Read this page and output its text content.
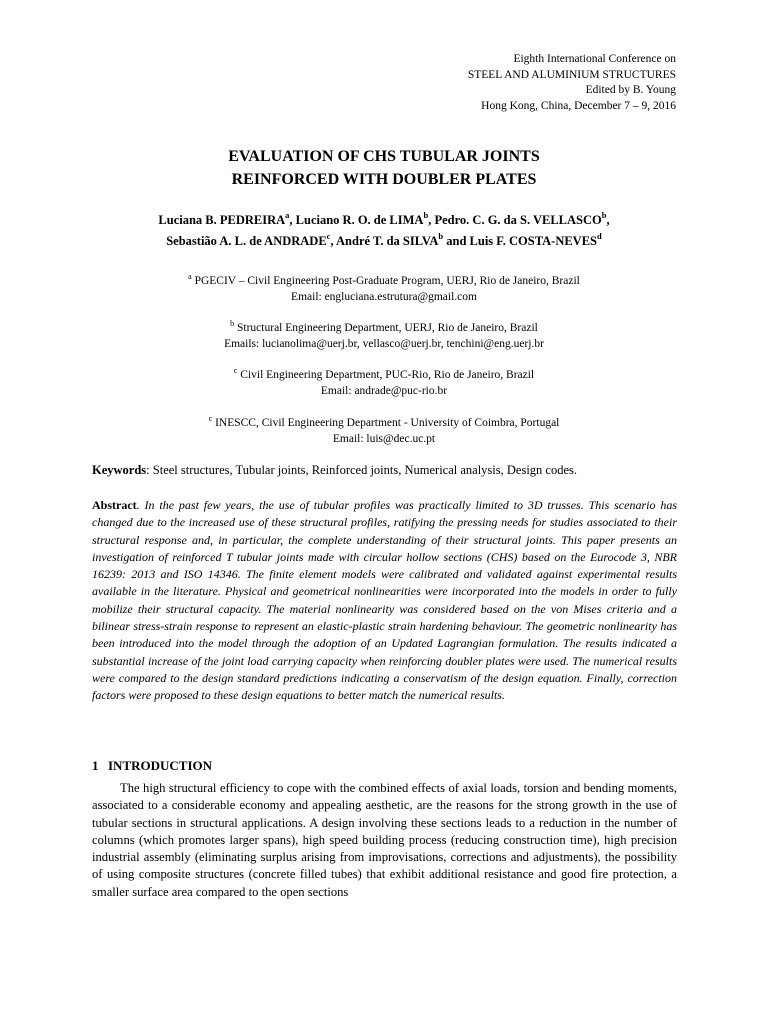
Eighth International Conference on
STEEL AND ALUMINIUM STRUCTURES
Edited by B. Young
Hong Kong, China, December 7 – 9, 2016
EVALUATION OF CHS TUBULAR JOINTS
REINFORCED WITH DOUBLER PLATES
Luciana B. PEDREIRA$^a$, Luciano R. O. de LIMA$^b$, Pedro. C. G. da S. VELLASCO$^b$,
Sebastião A. L. de ANDRADE$^c$, André T. da SILVA$^b$ and Luis F. COSTA-NEVES$^d$
$^a$ PGECIV – Civil Engineering Post-Graduate Program, UERJ, Rio de Janeiro, Brazil
Email: engluciana.estrutura@gmail.com
$^b$ Structural Engineering Department, UERJ, Rio de Janeiro, Brazil
Emails: lucianolima@uerj.br, vellasco@uerj.br, tenchini@eng.uerj.br
$^c$ Civil Engineering Department, PUC-Rio, Rio de Janeiro, Brazil
Email: andrade@puc-rio.br
$^c$ INESCC, Civil Engineering Department - University of Coimbra, Portugal
Email: luis@dec.uc.pt
Keywords: Steel structures, Tubular joints, Reinforced joints, Numerical analysis, Design codes.
Abstract. In the past few years, the use of tubular profiles was practically limited to 3D trusses. This scenario has changed due to the increased use of these structural profiles, ratifying the pressing needs for studies associated to their structural response and, in particular, the complete understanding of their structural joints. This paper presents an investigation of reinforced T tubular joints made with circular hollow sections (CHS) based on the Eurocode 3, NBR 16239: 2013 and ISO 14346. The finite element models were calibrated and validated against experimental results available in the literature. Physical and geometrical nonlinearities were incorporated into the models in order to fully mobilize their structural capacity. The material nonlinearity was considered based on the von Mises criteria and a bilinear stress-strain response to represent an elastic-plastic strain hardening behaviour. The geometric nonlinearity has been introduced into the model through the adoption of an Updated Lagrangian formulation. The results indicated a substantial increase of the joint load carrying capacity when reinforcing doubler plates were used. The numerical results were compared to the design standard predictions indicating a conservatism of the design equation. Finally, correction factors were proposed to these design equations to better match the numerical results.
1 INTRODUCTION
The high structural efficiency to cope with the combined effects of axial loads, torsion and bending moments, associated to a considerable economy and appealing aesthetic, are the reasons for the strong growth in the use of tubular sections in structural applications. A design involving these sections leads to a reduction in the number of columns (which promotes larger spans), high speed building process (reducing construction time), high precision industrial assembly (eliminating surplus arising from improvisations, corrections and adjustments), the possibility of using composite structures (concrete filled tubes) that exhibit additional resistance and good fire protection, a smaller surface area compared to the open sections
